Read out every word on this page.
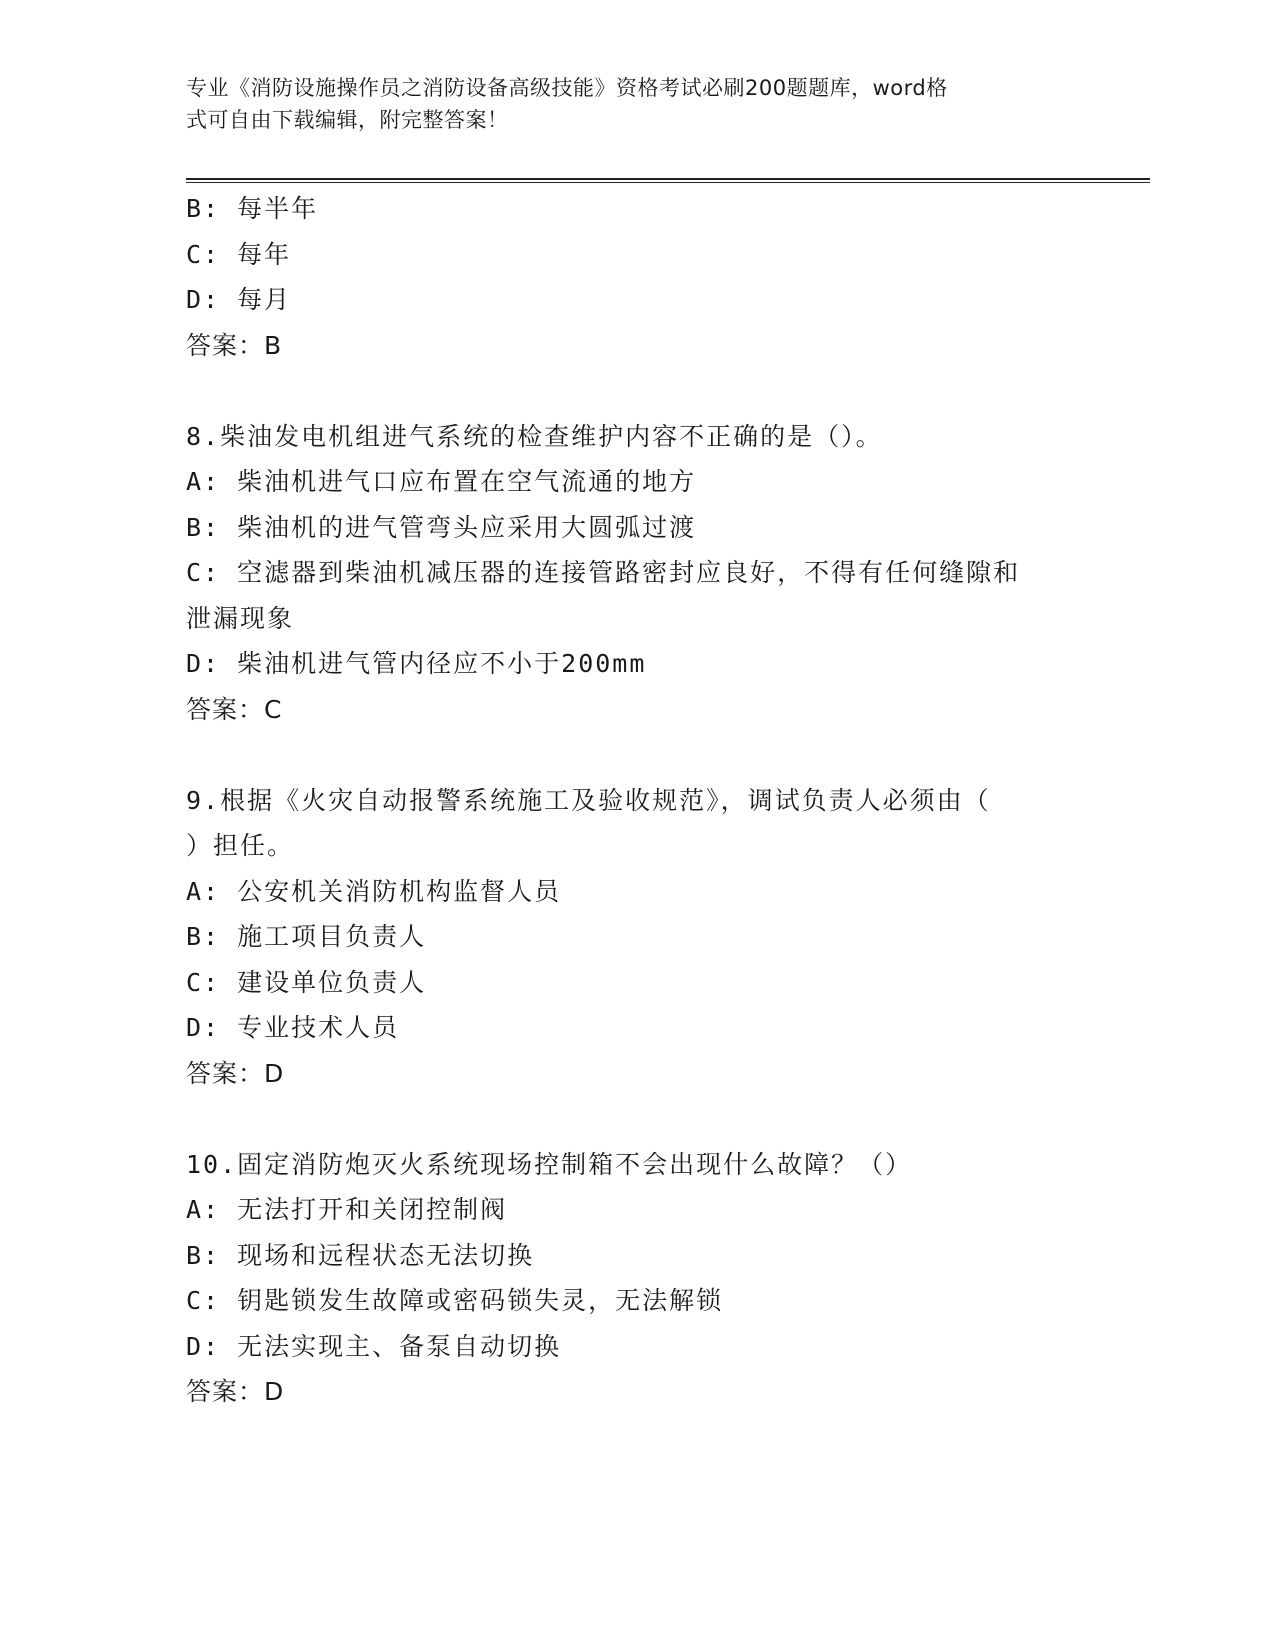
专业《消防设施操作员之消防设备高级技能》资格考试必刷200题题库，word格
式可自由下载编辑，附完整答案！
B: 每半年
C: 每年
D: 每月
答案：B
8.柴油发电机组进气系统的检查维护内容不正确的是（）。
A: 柴油机进气口应布置在空气流通的地方
B: 柴油机的进气管弯头应采用大圆弧过渡
C: 空滤器到柴油机减压器的连接管路密封应良好，不得有任何缝隙和
泄漏现象
D: 柴油机进气管内径应不小于200mm
答案：C
9.根据《火灾自动报警系统施工及验收规范》，调试负责人必须由（
）担任。
A: 公安机关消防机构监督人员
B: 施工项目负责人
C: 建设单位负责人
D: 专业技术人员
答案：D
10.固定消防炮灭火系统现场控制箱不会出现什么故障？（）
A: 无法打开和关闭控制阀
B: 现场和远程状态无法切换
C: 钥匙锁发生故障或密码锁失灵，无法解锁
D: 无法实现主、备泵自动切换
答案：D
